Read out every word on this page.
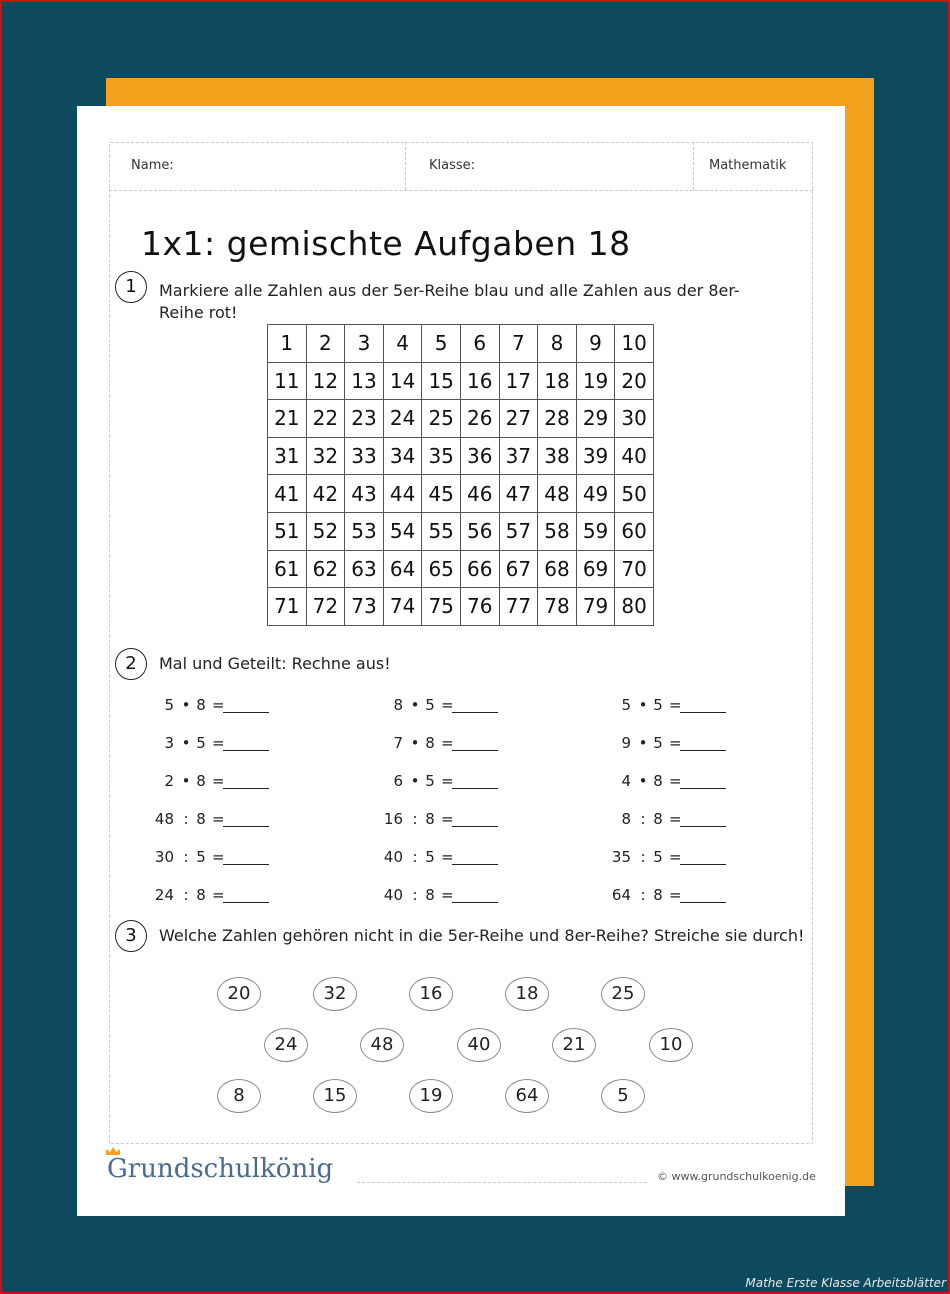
Name:	Klasse:	Mathematik
1x1: gemischte Aufgaben 18
1	Markiere alle Zahlen aus der 5er-Reihe blau und alle Zahlen aus der 8er-Reihe rot!
1	2	3	4	5	6	7	8	9	10
11	12	13	14	15	16	17	18	19	20
21	22	23	24	25	26	27	28	29	30
31	32	33	34	35	36	37	38	39	40
41	42	43	44	45	46	47	48	49	50
51	52	53	54	55	56	57	58	59	60
61	62	63	64	65	66	67	68	69	70
71	72	73	74	75	76	77	78	79	80
2	Mal und Geteilt: Rechne aus!
5 • 8 =
3 • 5 =
2 • 8 =
48 : 8 =
30 : 5 =
24 : 8 =
8 • 5 =
7 • 8 =
6 • 5 =
16 : 8 =
40 : 5 =
40 : 8 =
5 • 5 =
9 • 5 =
4 • 8 =
8 : 8 =
35 : 5 =
64 : 8 =
3	Welche Zahlen gehören nicht in die 5er-Reihe und 8er-Reihe? Streiche sie durch!
20	32	16	18	25
24	48	40	21	10
8	15	19	64	5
Grundschulkönig	© www.grundschulkoenig.de
Mathe Erste Klasse Arbeitsblätter
